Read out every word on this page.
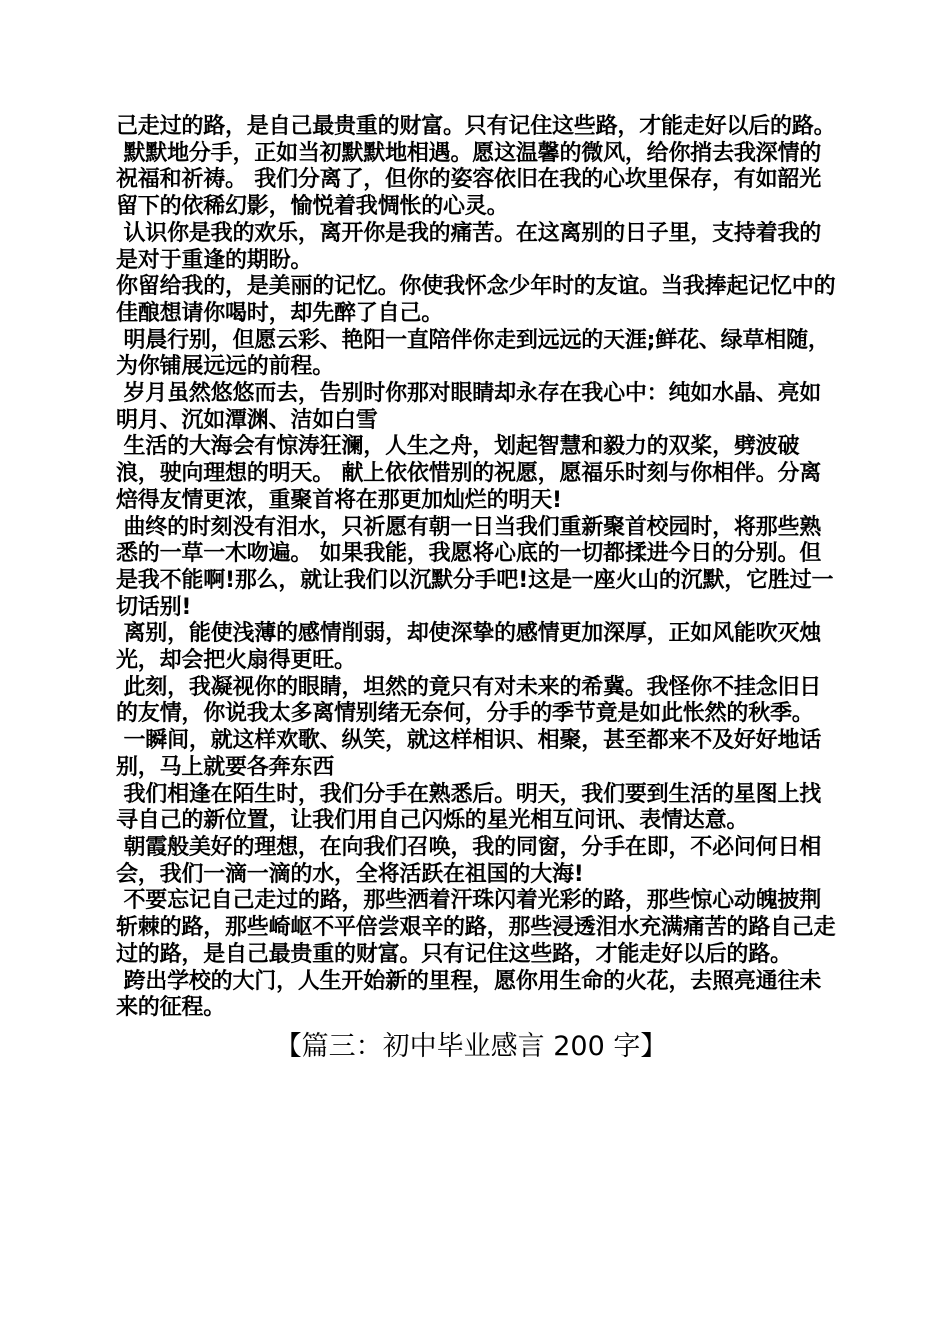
己走过的路，是自己最贵重的财富。只有记住这些路，才能走好以后的路。

默默地分手，正如当初默默地相遇。愿这温馨的微风，给你捎去我深情的祝福和祈祷。 我们分离了，但你的姿容依旧在我的心坎里保存，有如韶光留下的依稀幻影，愉悦着我惆怅的心灵。

认识你是我的欢乐，离开你是我的痛苦。在这离别的日子里，支持着我的是对于重逢的期盼。

你留给我的，是美丽的记忆。你使我怀念少年时的友谊。当我捧起记忆中的佳酿想请你喝时，却先醉了自己。

明晨行别，但愿云彩、艳阳一直陪伴你走到远远的天涯;鲜花、绿草相随，为你铺展远远的前程。

岁月虽然悠悠而去，告别时你那对眼睛却永存在我心中：纯如水晶、亮如明月、沉如潭渊、洁如白雪

生活的大海会有惊涛狂澜，人生之舟，划起智慧和毅力的双桨，劈波破浪，驶向理想的明天。 献上依依惜别的祝愿，愿福乐时刻与你相伴。分离焙得友情更浓，重聚首将在那更加灿烂的明天!

曲终的时刻没有泪水，只祈愿有朝一日当我们重新聚首校园时，将那些熟悉的一草一木吻遍。 如果我能，我愿将心底的一切都揉进今日的分别。但是我不能啊!那么，就让我们以沉默分手吧!这是一座火山的沉默，它胜过一切话别!

离别，能使浅薄的感情削弱，却使深挚的感情更加深厚，正如风能吹灭烛光，却会把火扇得更旺。

此刻，我凝视你的眼睛，坦然的竟只有对未来的希冀。我怪你不挂念旧日的友情，你说我太多离情别绪无奈何，分手的季节竟是如此怅然的秋季。

一瞬间，就这样欢歌、纵笑，就这样相识、相聚，甚至都来不及好好地话别，马上就要各奔东西

我们相逢在陌生时，我们分手在熟悉后。明天，我们要到生活的星图上找寻自己的新位置，让我们用自己闪烁的星光相互问讯、表情达意。

朝霞般美好的理想，在向我们召唤，我的同窗，分手在即，不必问何日相会，我们一滴一滴的水，全将活跃在祖国的大海!

不要忘记自己走过的路，那些洒着汗珠闪着光彩的路，那些惊心动魄披荆斩棘的路，那些崎岖不平倍尝艰辛的路，那些浸透泪水充满痛苦的路自己走过的路，是自己最贵重的财富。只有记住这些路，才能走好以后的路。

跨出学校的大门，人生开始新的里程，愿你用生命的火花，去照亮通往未来的征程。

【篇三：初中毕业感言 200 字】
